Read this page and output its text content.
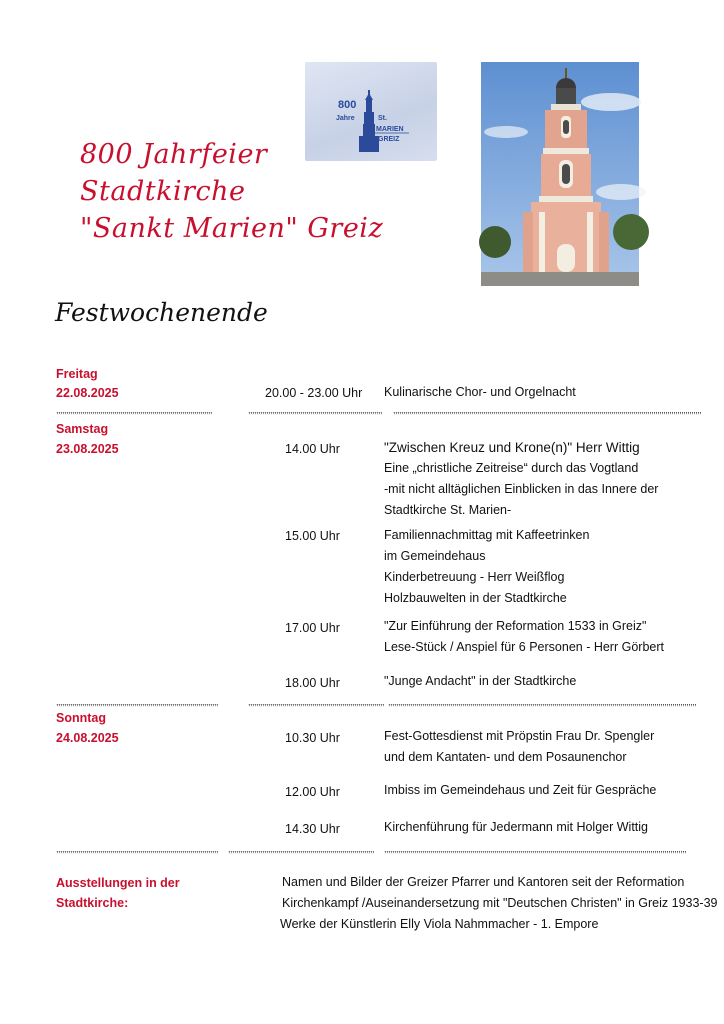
800 Jahrfeier
Stadtkirche
"Sankt Marien" Greiz
800
Jahre	St.
MARIEN
GREIZ
Festwochenende
Freitag
22.08.2025	20.00 - 23.00 Uhr Kulinarische Chor- und Orgelnacht
,,,,,,,,,,,,,,,,,,,,,,,,,,,,,,,,,,,,,,,,,,,,,,,,,,,,,,,,,,,,,,,,,,,,,,,,,,,,,,	,,,,,,,,,,,,,,,,,,,,,,,,,,,,,,,,,,,,,,,,,,,,,,,,,,,,,,,,,,,,,,,,,,, ,,,,,,,,,,,,,,,,,,,,,,,,,,,,,,,,,,,,,,,,,,,,,,,,,,,,,,,,,,,,,,,,,,,,,,,,,,,,,,,,,,,,,,,,,,,,,,,,,,,,,,,,,,,,,,,,,,,,,,,,,,,,,,,,,,,,,,,,,,,,,,,,,,,,,,,,,,
Samstag
23.08.2025	14.00 Uhr	"Zwischen Kreuz und Krone(n)" Herr Wittig
Eine „christliche Zeitreise“ durch das Vogtland
-mit nicht alltäglichen Einblicken in das Innere der
Stadtkirche St. Marien-
15.00 Uhr	Familiennachmittag mit Kaffeetrinken
im Gemeindehaus
Kinderbetreuung - Herr Weißflog
Holzbauwelten in der Stadtkirche
17.00 Uhr	"Zur Einführung der Reformation 1533 in Greiz"
Lese-Stück / Anspiel für 6 Personen - Herr Görbert
18.00 Uhr	"Junge Andacht" in der Stadtkirche
,,,,,,,,,,,,,,,,,,,,,,,,,,,,,,,,,,,,,,,,,,,,,,,,,,,,,,,,,,,,,,,,,,,,,,,,,,,,,,,,,	,,,,,,,,,,,,,,,,,,,,,,,,,,,,,,,,,,,,,,,,,,,,,,,,,,,,,,,,,,,,,,,,,,,, ,,,,,,,,,,,,,,,,,,,,,,,,,,,,,,,,,,,,,,,,,,,,,,,,,,,,,,,,,,,,,,,,,,,,,,,,,,,,,,,,,,,,,,,,,,,,,,,,,,,,,,,,,,,,,,,,,,,,,,,,,,,,,,,,,,,,,,,,,,,,,,,,,,,,,,,,,,
Sonntag
24.08.2025	10.30 Uhr	Fest-Gottesdienst mit Pröpstin Frau Dr. Spengler
und dem Kantaten- und dem Posaunenchor
12.00 Uhr	Imbiss im Gemeindehaus und Zeit für Gespräche
14.30 Uhr	Kirchenführung für Jedermann mit Holger Wittig
,,,,,,,,,,,,,,,,,,,,,,,,,,,,,,,,,,,,,,,,,,,,,,,,,,,,,,,,,,,,,,,,,,,,,,,,,,,,,,,,, ,,,,,,,,,,,,,,,,,,,,,,,,,,,,,,,,,,,,,,,,,,,,,,,,,,,,,,,,,,,,,,,,,,,,,,,,, ,,,,,,,,,,,,,,,,,,,,,,,,,,,,,,,,,,,,,,,,,,,,,,,,,,,,,,,,,,,,,,,,,,,,,,,,,,,,,,,,,,,,,,,,,,,,,,,,,,,,,,,,,,,,,,,,,,,,,,,,,,,,,,,,,,,,,,,,,,,,,,,,,,,,,,,
Ausstellungen in der
Stadtkirche:
Namen und Bilder der Greizer Pfarrer und Kantoren seit der Reformation
Kirchenkampf /Auseinandersetzung mit "Deutschen Christen" in Greiz 1933-39
Werke der Künstlerin Elly Viola Nahmmacher - 1. Empore
